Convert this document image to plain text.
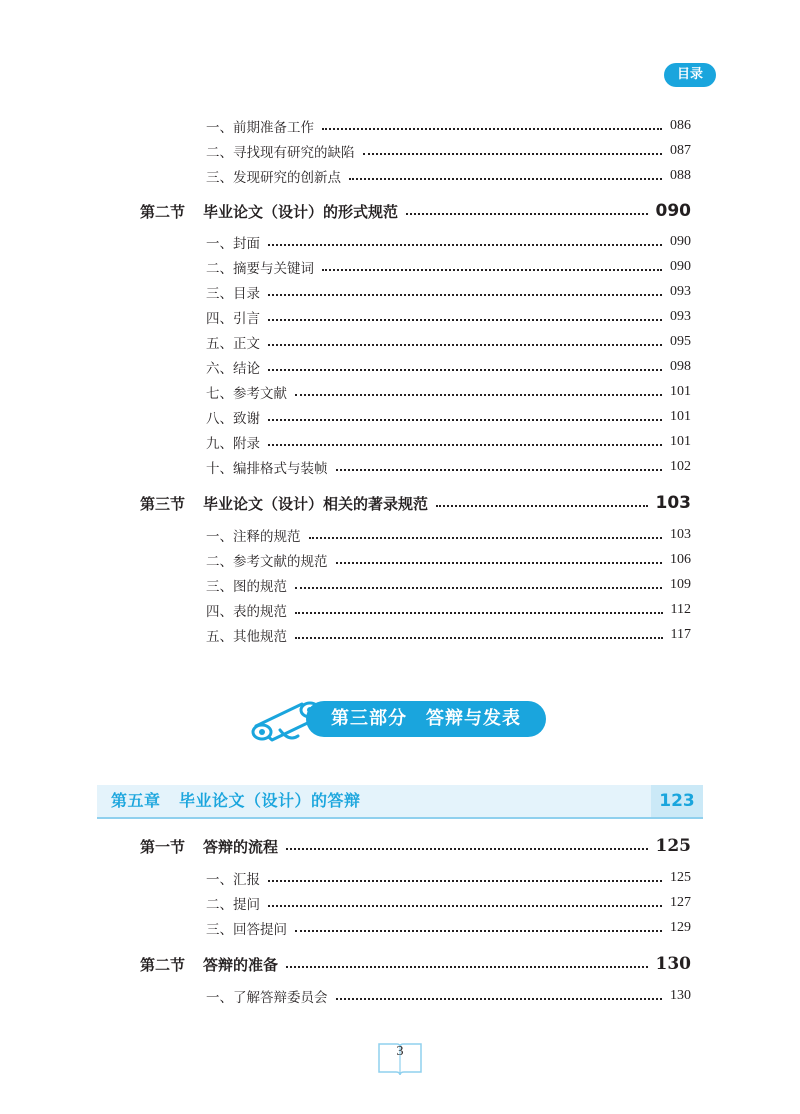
目录
一、前期准备工作	086
二、寻找现有研究的缺陷	087
三、发现研究的创新点	088
第二节 毕业论文（设计）的形式规范	090
一、封面	090
二、摘要与关键词	090
三、目录	093
四、引言	093
五、正文	095
六、结论	098
七、参考文献	101
八、致谢	101
九、附录	101
十、编排格式与装帧	102
第三节 毕业论文（设计）相关的著录规范	103
一、注释的规范	103
二、参考文献的规范	106
三、图的规范	109
四、表的规范	112
五、其他规范	117
第三部分　答辩与发表
第五章 毕业论文（设计）的答辩	123
第一节 答辩的流程	125
一、汇报	125
二、提问	127
三、回答提问	129
第二节 答辩的准备	130
一、了解答辩委员会	130
3
